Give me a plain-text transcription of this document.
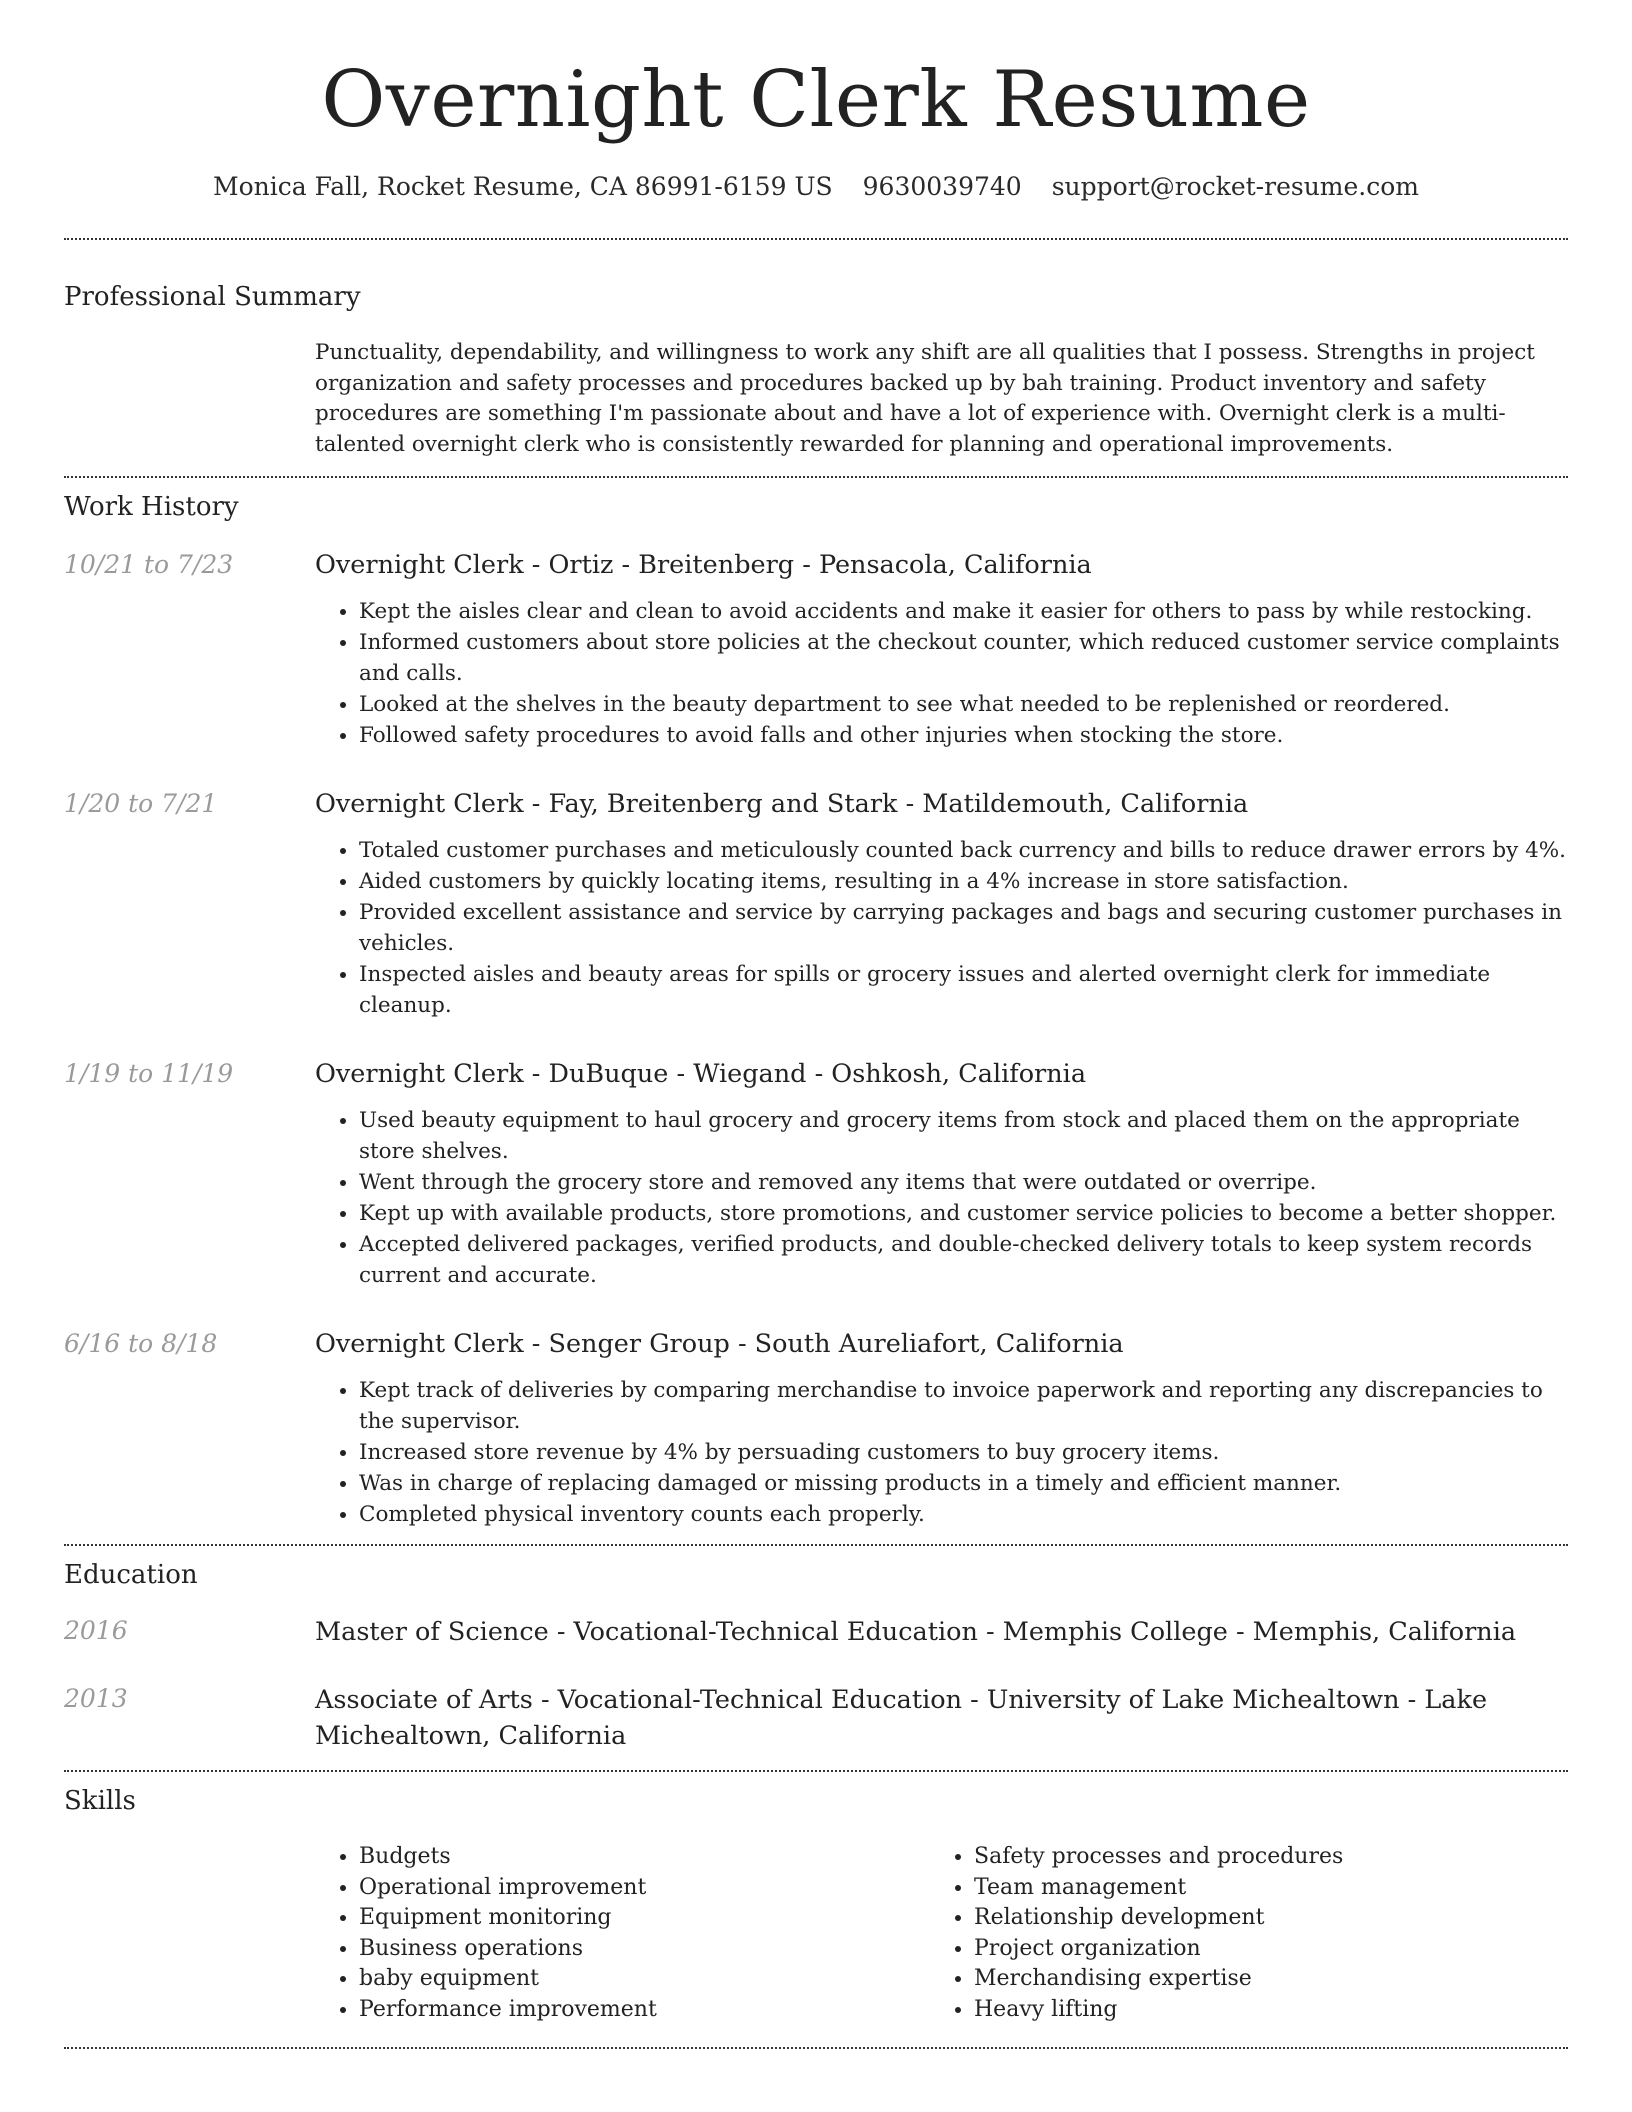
Overnight Clerk Resume
Monica Fall, Rocket Resume, CA 86991-6159 US 9630039740 support@rocket-resume.com
Professional Summary

Punctuality, dependability, and willingness to work any shift are all qualities that I possess. Strengths in project organization and safety processes and procedures backed up by bah training. Product inventory and safety procedures are something I'm passionate about and have a lot of experience with. Overnight clerk is a multi-talented overnight clerk who is consistently rewarded for planning and operational improvements.

Work History
10/21 to 7/23	Overnight Clerk - Ortiz - Breitenberg - Pensacola, California

• Kept the aisles clear and clean to avoid accidents and make it easier for others to pass by while restocking.
• Informed customers about store policies at the checkout counter, which reduced customer service complaints and calls.
• Looked at the shelves in the beauty department to see what needed to be replenished or reordered.
• Followed safety procedures to avoid falls and other injuries when stocking the store.
1/20 to 7/21	Overnight Clerk - Fay, Breitenberg and Stark - Matildemouth, California

• Totaled customer purchases and meticulously counted back currency and bills to reduce drawer errors by 4%.
• Aided customers by quickly locating items, resulting in a 4% increase in store satisfaction.
• Provided excellent assistance and service by carrying packages and bags and securing customer purchases in vehicles.
• Inspected aisles and beauty areas for spills or grocery issues and alerted overnight clerk for immediate cleanup.
1/19 to 11/19	Overnight Clerk - DuBuque - Wiegand - Oshkosh, California

• Used beauty equipment to haul grocery and grocery items from stock and placed them on the appropriate store shelves.
• Went through the grocery store and removed any items that were outdated or overripe.
• Kept up with available products, store promotions, and customer service policies to become a better shopper.
• Accepted delivered packages, verified products, and double-checked delivery totals to keep system records current and accurate.
6/16 to 8/18	Overnight Clerk - Senger Group - South Aureliafort, California

• Kept track of deliveries by comparing merchandise to invoice paperwork and reporting any discrepancies to the supervisor.
• Increased store revenue by 4% by persuading customers to buy grocery items.
• Was in charge of replacing damaged or missing products in a timely and efficient manner.
• Completed physical inventory counts each properly.
Education
2016	Master of Science - Vocational-Technical Education - Memphis College - Memphis, California

2013	Associate of Arts - Vocational-Technical Education - University of Lake Michealtown - Lake Michealtown, California

Skills
• Budgets
• Operational improvement
• Equipment monitoring
• Business operations
• baby equipment
• Performance improvement
• Safety processes and procedures
• Team management
• Relationship development
• Project organization
• Merchandising expertise
• Heavy lifting
